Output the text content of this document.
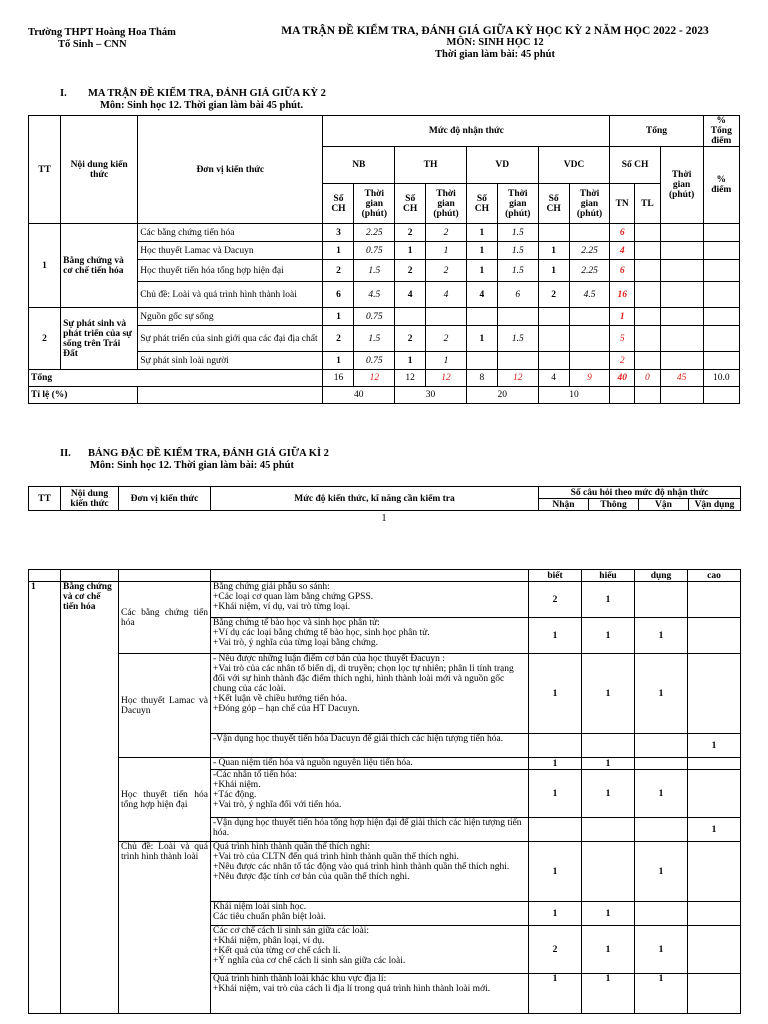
Trường THPT Hoàng Hoa Thám
Tổ Sinh – CNN
MA TRẬN ĐỀ KIỂM TRA, ĐÁNH GIÁ GIỮA KỲ HỌC KỲ 2 NĂM HỌC 2022 - 2023
MÔN: SINH HỌC 12
Thời gian làm bài: 45 phút
I. MA TRẬN ĐỀ KIỂM TRA, ĐÁNH GIÁ GIỮA KỲ 2
Môn: Sinh học 12. Thời gian làm bài 45 phút.
TT	Nội dung kiến thức	Đơn vị kiến thức	Mức độ nhận thức								Tổng			% Tổng điểm
			NB		TH		VD		VDC		Số CH		Thời gian (phút)	% điểm
			Số CH	Thời gian (phút)	Số CH	Thời gian (phút)	Số CH	Thời gian (phút)	Số CH	Thời gian (phút)	TN	TL		
1	Bằng chứng và cơ chế tiến hóa	Các bằng chứng tiến hóa	3	2.25	2	2	1	1.5			6			
		Học thuyết Lamac và Dacuyn	1	0.75	1	1	1	1.5	1	2.25	4			
		Học thuyết tiến hóa tổng hợp hiện đại	2	1.5	2	2	1	1.5	1	2.25	6			
		Chủ đề: Loài và quá trình hình thành loài	6	4.5	4	4	4	6	2	4.5	16			
2	Sự phát sinh và phát triển của sự sống trên Trái Đất	Nguồn gốc sự sống	1	0.75							1			
		Sự phát triển của sinh giới qua các đại địa chất	2	1.5	2	2	1	1.5			5			
		Sự phát sinh loài người	1	0.75	1	1					2			
Tổng			16	12	12	12	8	12	4	9	40	0	45	10.0
Tỉ lệ (%)			40		30		20		10					
II. BẢNG ĐẶC ĐỀ KIỂM TRA, ĐÁNH GIÁ GIỮA KÌ 2
Môn: Sinh học 12. Thời gian làm bài: 45 phút
TT	Nội dung kiến thức	Đơn vị kiến thức	Mức độ kiến thức, kĩ năng cần kiểm tra	Số câu hỏi theo mức độ nhận thức			
				Nhận	Thông	Vận	Vận dụng
1
				biết	hiểu	dụng	cao
1	Bằng chứng và cơ chế tiến hóa	Các bằng chứng tiến hóa	Bằng chứng giải phẫu so sánh:
+Các loại cơ quan làm bằng chứng GPSS.
+Khái niệm, ví dụ, vai trò từng loại.	2	1		
			Bằng chứng tế bào học và sinh học phân tử:
+Ví dụ các loại bằng chứng tế bào học, sinh học phân tử.
+Vai trò, ý nghĩa của từng loại bằng chứng.	1	1	1	
		Học thuyết Lamac và Dacuyn	- Nêu được những luận điểm cơ bản của học thuyết Đacuyn :
+Vai trò của các nhân tố biến dị, di truyền; chọn lọc tự nhiên; phân li tính trạng đối với sự hình thành đặc điểm thích nghi, hình thành loài mới và nguồn gốc chung của các loài.
+Kết luận về chiều hướng tiến hóa.
+Đóng góp – hạn chế của HT Dacuyn.	1	1	1	
			-Vận dụng học thuyết tiến hóa Dacuyn để giải thích các hiện tượng tiến hóa.				1
		Học thuyết tiến hóa tổng hợp hiện đại	- Quan niệm tiến hóa và nguồn nguyên liệu tiến hóa.	1	1		
			-Các nhân tố tiến hóa:
+Khái niệm.
+Tác động.
+Vai trò, ý nghĩa đối với tiến hóa.	1	1	1	
			-Vận dụng học thuyết tiến hóa tổng hợp hiện đại để giải thích các hiện tượng tiến hóa.				1
		Chủ đề: Loài và quá trình hình thành loài	Quá trình hình thành quần thể thích nghi:
+Vai trò của CLTN đến quá trình hình thành quần thể thích nghi.
+Nêu được các nhân tố tác động vào quá trình hình thành quần thể thích nghi.
+Nêu được đặc tính cơ bản của quần thể thích nghi.	1		1	
			Khái niệm loài sinh học.
Các tiêu chuẩn phân biệt loài.	1	1		
			Các cơ chế cách li sinh sản giữa các loài:
+Khái niệm, phân loại, ví dụ.
+Kết quả của từng cơ chế cách li.
+Ý nghĩa của cơ chế cách li sinh sản giữa các loài.	2	1	1	
			Quá trình hình thành loài khác khu vực địa lí:
+Khái niệm, vai trò của cách li địa lí trong quá trình hình thành loài mới.	1	1	1	
